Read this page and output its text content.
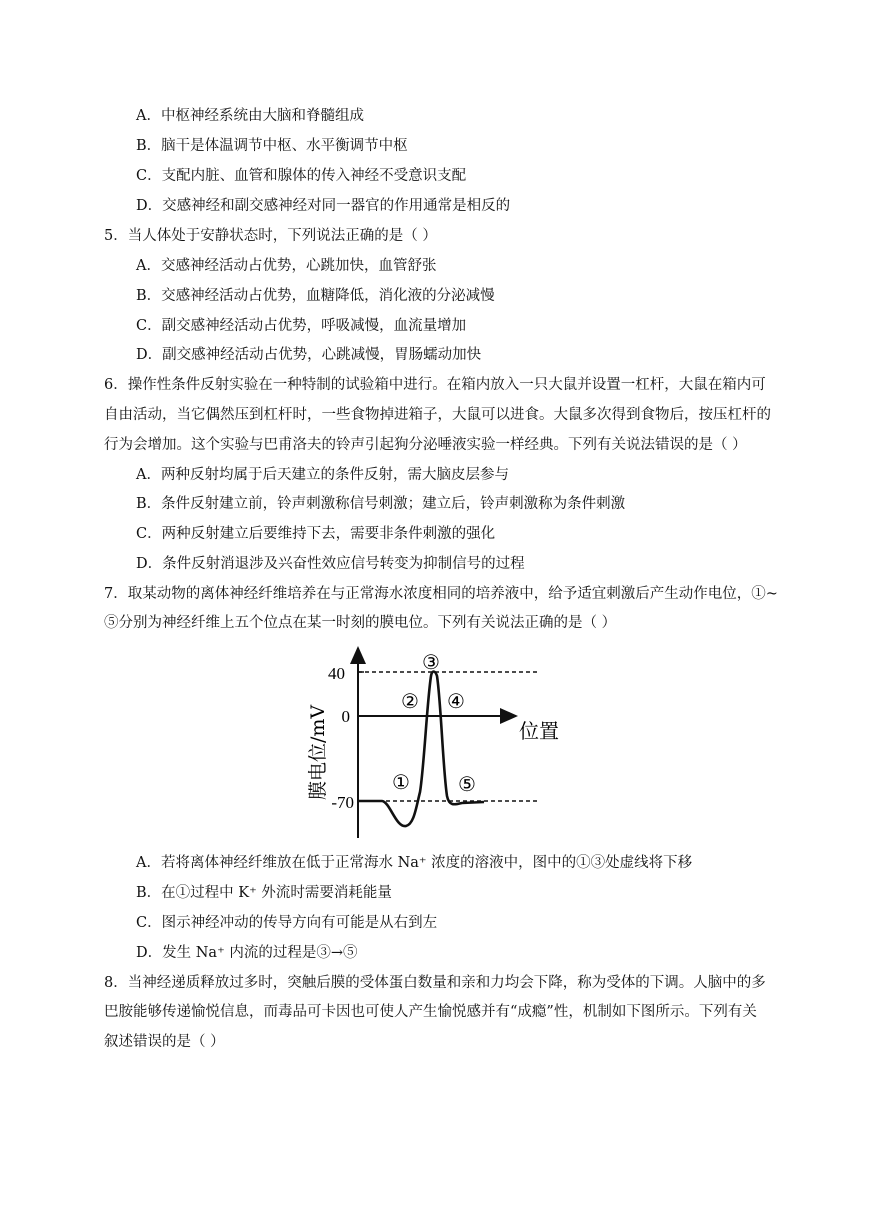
A．中枢神经系统由大脑和脊髓组成
B．脑干是体温调节中枢、水平衡调节中枢
C．支配内脏、血管和腺体的传入神经不受意识支配
D．交感神经和副交感神经对同一器官的作用通常是相反的
5．当人体处于安静状态时，下列说法正确的是（ ）
A．交感神经活动占优势，心跳加快，血管舒张
B．交感神经活动占优势，血糖降低，消化液的分泌减慢
C．副交感神经活动占优势，呼吸减慢，血流量增加
D．副交感神经活动占优势，心跳减慢，胃肠蠕动加快
6．操作性条件反射实验在一种特制的试验箱中进行。在箱内放入一只大鼠并设置一杠杆，大鼠在箱内可
自由活动，当它偶然压到杠杆时，一些食物掉进箱子，大鼠可以进食。大鼠多次得到食物后，按压杠杆的
行为会增加。这个实验与巴甫洛夫的铃声引起狗分泌唾液实验一样经典。下列有关说法错误的是（ ）
A．两种反射均属于后天建立的条件反射，需大脑皮层参与
B．条件反射建立前，铃声刺激称信号刺激；建立后，铃声刺激称为条件刺激
C．两种反射建立后要维持下去，需要非条件刺激的强化
D．条件反射消退涉及兴奋性效应信号转变为抑制信号的过程
7．取某动物的离体神经纤维培养在与正常海水浓度相同的培养液中，给予适宜刺激后产生动作电位，①~
⑤分别为神经纤维上五个位点在某一时刻的膜电位。下列有关说法正确的是（ ）
40
0
-70
膜电位/mV	位置
①
②
③
④
⑤
A．若将离体神经纤维放在低于正常海水 Na⁺ 浓度的溶液中，图中的①③处虚线将下移
B．在①过程中 K⁺ 外流时需要消耗能量
C．图示神经冲动的传导方向有可能是从右到左
D．发生 Na⁺ 内流的过程是③→⑤
8．当神经递质释放过多时，突触后膜的受体蛋白数量和亲和力均会下降，称为受体的下调。人脑中的多
巴胺能够传递愉悦信息，而毒品可卡因也可使人产生愉悦感并有“成瘾”性，机制如下图所示。下列有关
叙述错误的是（ ）
